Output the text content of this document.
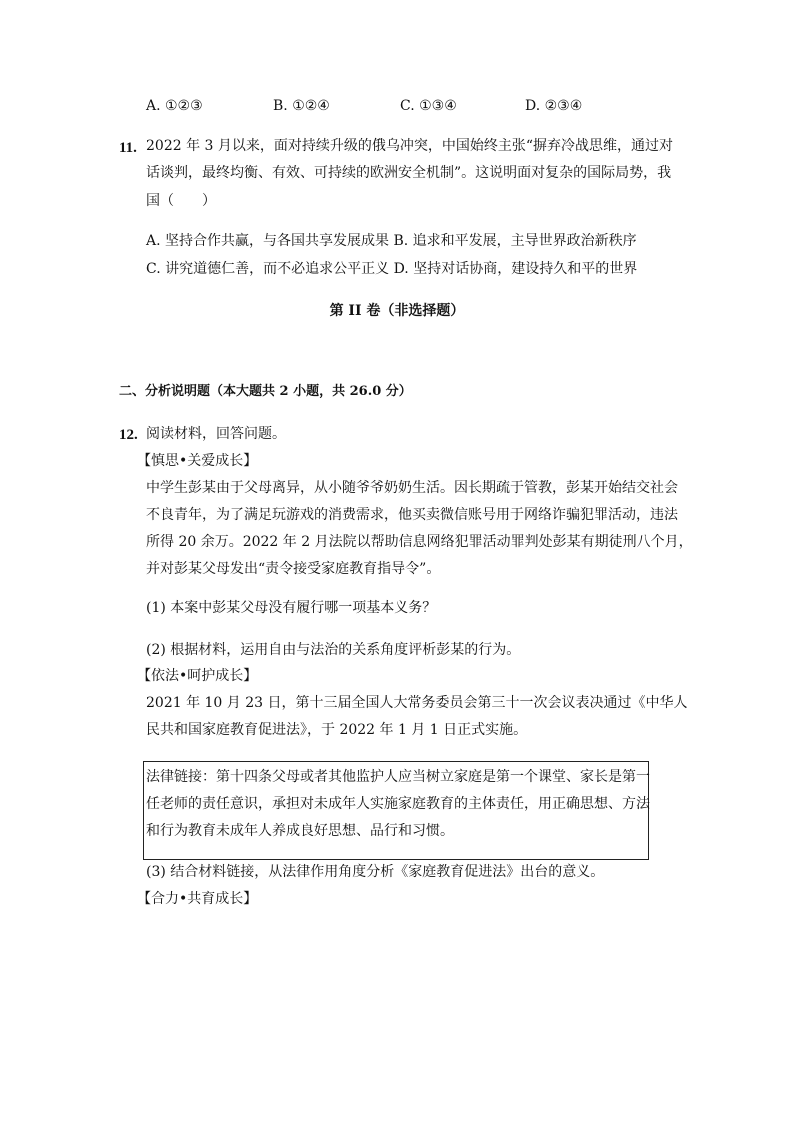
A. ①②③	B. ①②④	C. ①③④	D. ②③④
11. 2022 年 3 月以来，面对持续升级的俄乌冲突，中国始终主张“摒弃冷战思维，通过对
话谈判，最终均衡、有效、可持续的欧洲安全机制”。这说明面对复杂的国际局势，我
国（　　）
A. 坚持合作共赢，与各国共享发展成果 B. 追求和平发展，主导世界政治新秩序
C. 讲究道德仁善，而不必追求公平正义 D. 坚持对话协商，建设持久和平的世界
第 II 卷（非选择题）
二、分析说明题（本大题共 2 小题，共 26.0 分）
12. 阅读材料，回答问题。
【慎思•关爱成长】
中学生彭某由于父母离异，从小随爷爷奶奶生活。因长期疏于管教，彭某开始结交社会
不良青年，为了满足玩游戏的消费需求，他买卖微信账号用于网络诈骗犯罪活动，违法
所得 20 余万。2022 年 2 月法院以帮助信息网络犯罪活动罪判处彭某有期徒刑八个月，
并对彭某父母发出“责令接受家庭教育指导令”。
(1) 本案中彭某父母没有履行哪一项基本义务？
(2) 根据材料，运用自由与法治的关系角度评析彭某的行为。
【依法•呵护成长】
2021 年 10 月 23 日，第十三届全国人大常务委员会第三十一次会议表决通过《中华人
民共和国家庭教育促进法》，于 2022 年 1 月 1 日正式实施。
法律链接：第十四条父母或者其他监护人应当树立家庭是第一个课堂、家长是第一
任老师的责任意识，承担对未成年人实施家庭教育的主体责任，用正确思想、方法
和行为教育未成年人养成良好思想、品行和习惯。
(3) 结合材料链接，从法律作用角度分析《家庭教育促进法》出台的意义。
【合力•共育成长】
